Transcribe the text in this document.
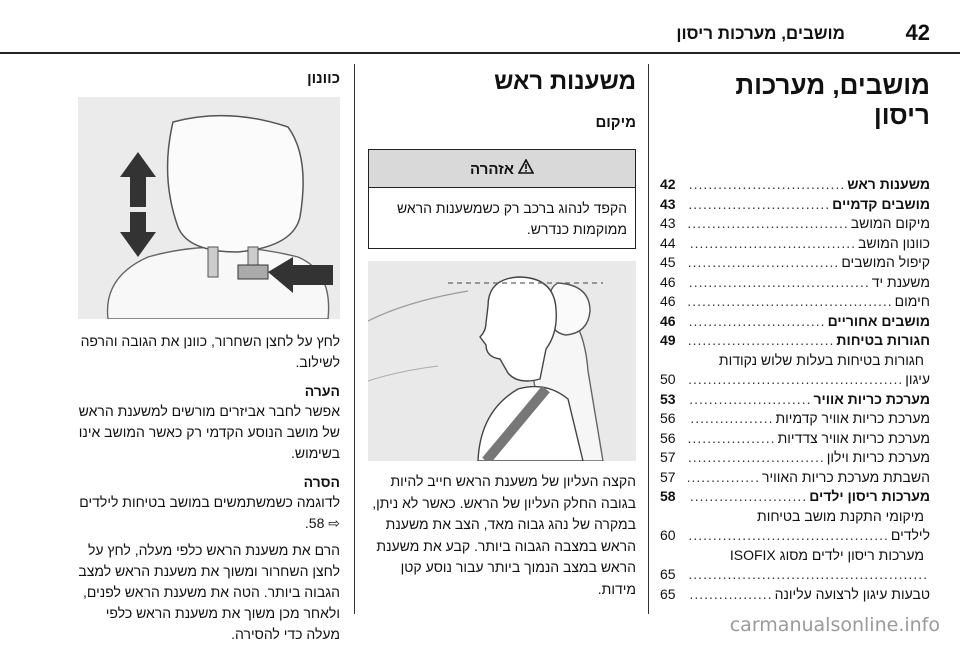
42
מושבים, מערכות ריסון
מושבים, מערכות
ריסון
משענות ראש
.....
42
מושבים קדמיים
.....
43
מיקום המושב
.....
43
כוונון המושב
.....
44
קיפול המושבים
.....
45
משענת יד
.....
46
חימום
.....
46
מושבים אחוריים
.....
46
חגורות בטיחות
.....
49
חגורות בטיחות בעלות שלוש נקודות
עיגון
.....
50
מערכת כריות אוויר
.....
53
מערכת כריות אוויר קדמיות
.....
56
מערכת כריות אוויר צדדיות
.....
56
מערכת כריות וילון
.....
57
השבתת מערכת כריות האוויר
.....
57
מערכות ריסון ילדים
.....
58
מיקומי התקנת מושב בטיחות
לילדים
.....
60
מערכות ריסון ילדים מסוג ISOFIX
.....
65
טבעות עיגון לרצועה עליונה
.....
65
משענות ראש
מיקום
אזהרה
הקפד לנהוג ברכב רק כשמשענות הראש ממוקמות כנדרש.
הקצה העליון של משענת הראש חייב להיות בגובה החלק העליון של הראש. כאשר לא ניתן, במקרה של נהג גבוה מאד, הצב את משענת הראש במצבה הגבוה ביותר. קבע את משענת הראש במצב הנמוך ביותר עבור נוסע קטן מידות.
כוונון

לחץ על לחצן השחרור, כוונן את הגובה והרפה לשילוב.

הערה

אפשר לחבר אביזרים מורשים למשענת הראש של מושב הנוסע הקדמי רק כאשר המושב אינו בשימוש.

הסרה

לדוגמה כשמשתמשים במושב בטיחות לילדים ⇨ 58.

הרם את משענת הראש כלפי מעלה, לחץ על לחצן השחרור ומשוך את משענת הראש למצב הגבוה ביותר. הטה את משענת הראש לפנים, ולאחר מכן משוך את משענת הראש כלפי מעלה כדי להסירה.	carmanualsonline.info
